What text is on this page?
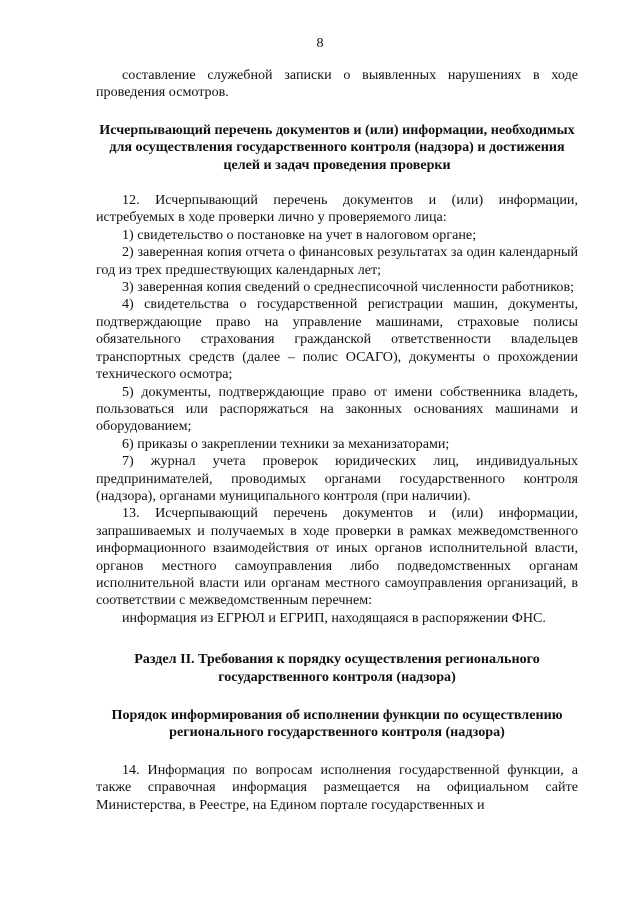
8

составление служебной записки о выявленных нарушениях в ходе проведения осмотров.

Исчерпывающий перечень документов и (или) информации, необходимых для осуществления государственного контроля (надзора) и достижения целей и задач проведения проверки

12. Исчерпывающий перечень документов и (или) информации, истребуемых в ходе проверки лично у проверяемого лица:

1) свидетельство о постановке на учет в налоговом органе;

2) заверенная копия отчета о финансовых результатах за один календарный год из трех предшествующих календарных лет;

3) заверенная копия сведений о среднесписочной численности работников;

4) свидетельства о государственной регистрации машин, документы, подтверждающие право на управление машинами, страховые полисы обязательного страхования гражданской ответственности владельцев транспортных средств (далее – полис ОСАГО), документы о прохождении технического осмотра;

5) документы, подтверждающие право от имени собственника владеть, пользоваться или распоряжаться на законных основаниях машинами и оборудованием;

6) приказы о закреплении техники за механизаторами;

7) журнал учета проверок юридических лиц, индивидуальных предпринимателей, проводимых органами государственного контроля (надзора), органами муниципального контроля (при наличии).

13. Исчерпывающий перечень документов и (или) информации, запрашиваемых и получаемых в ходе проверки в рамках межведомственного информационного взаимодействия от иных органов исполнительной власти, органов местного самоуправления либо подведомственных органам исполнительной власти или органам местного самоуправления организаций, в соответствии с межведомственным перечнем:

информация из ЕГРЮЛ и ЕГРИП, находящаяся в распоряжении ФНС.

Раздел II. Требования к порядку осуществления регионального государственного контроля (надзора)

Порядок информирования об исполнении функции по осуществлению регионального государственного контроля (надзора)

14. Информация по вопросам исполнения государственной функции, а также справочная информация размещается на официальном сайте Министерства, в Реестре, на Едином портале государственных и
